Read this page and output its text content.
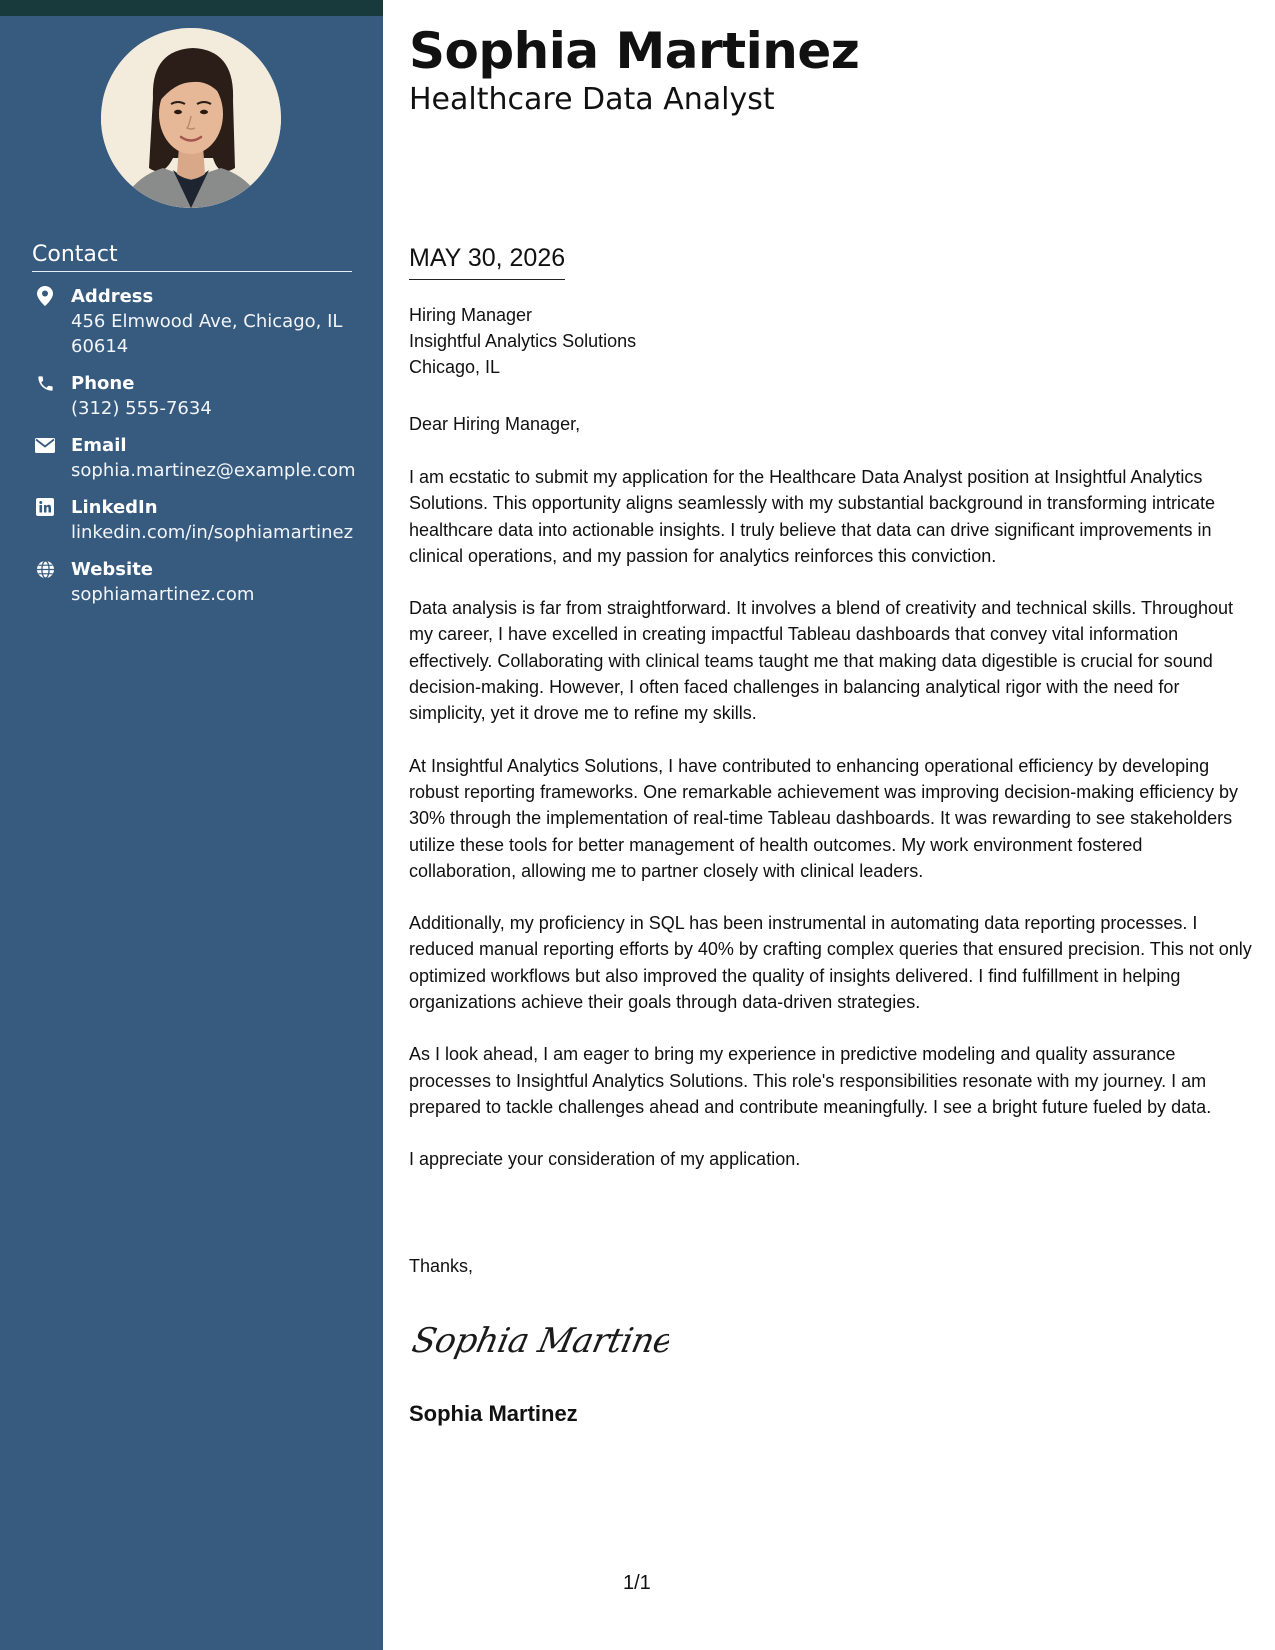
Contact
Address
456 Elmwood Ave, Chicago, IL 60614
Phone
(312) 555-7634
Email
sophia.martinez@example.com
LinkedIn
linkedin.com/in/sophiamartinez
Website
sophiamartinez.com
Sophia Martinez
Healthcare Data Analyst
MAY 30, 2026
Hiring Manager
Insightful Analytics Solutions
Chicago, IL
Dear Hiring Manager,

I am ecstatic to submit my application for the Healthcare Data Analyst position at Insightful Analytics Solutions. This opportunity aligns seamlessly with my substantial background in transforming intricate healthcare data into actionable insights. I truly believe that data can drive significant improvements in clinical operations, and my passion for analytics reinforces this conviction.

Data analysis is far from straightforward. It involves a blend of creativity and technical skills. Throughout my career, I have excelled in creating impactful Tableau dashboards that convey vital information effectively. Collaborating with clinical teams taught me that making data digestible is crucial for sound decision-making. However, I often faced challenges in balancing analytical rigor with the need for simplicity, yet it drove me to refine my skills.

At Insightful Analytics Solutions, I have contributed to enhancing operational efficiency by developing robust reporting frameworks. One remarkable achievement was improving decision-making efficiency by 30% through the implementation of real-time Tableau dashboards. It was rewarding to see stakeholders utilize these tools for better management of health outcomes. My work environment fostered collaboration, allowing me to partner closely with clinical leaders.

Additionally, my proficiency in SQL has been instrumental in automating data reporting processes. I reduced manual reporting efforts by 40% by crafting complex queries that ensured precision. This not only optimized workflows but also improved the quality of insights delivered. I find fulfillment in helping organizations achieve their goals through data-driven strategies.

As I look ahead, I am eager to bring my experience in predictive modeling and quality assurance processes to Insightful Analytics Solutions. This role's responsibilities resonate with my journey. I am prepared to tackle challenges ahead and contribute meaningfully. I see a bright future fueled by data.

I appreciate your consideration of my application.

Thanks,
Sophia Martinez
Sophia Martinez
1/1
